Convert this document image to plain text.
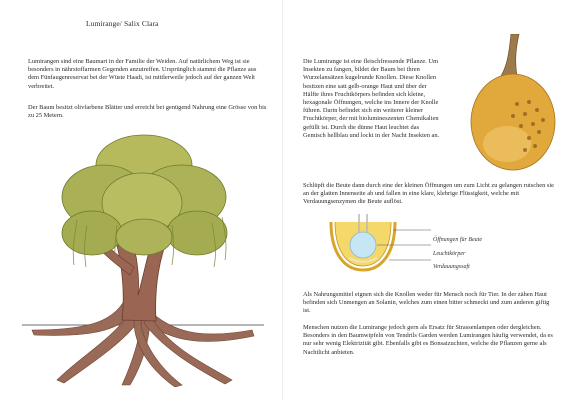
Lumirange/ Salix Clara

Lumirangen sind eine Baumart in der Familie der Weiden. Auf natürlichem Weg ist sie besonders in nährstoffarmen Gegenden anzutreffen. Ursprünglich stammt die Pflanze aus dem Fünfaugenreservat bei der Wüste Haadi, ist mittlerweile jedoch auf der ganzen Welt verbreitet.

Der Baum besitzt olivfarbene Blätter und erreicht bei genügend Nahrung eine Grösse von bis zu 25 Metern.

Die Lumirange ist eine fleischfressende Pflanze. Um Insekten zu fangen, bildet der Baum bei ihren Wurzelansätzen kugelrunde Knollen. Diese Knollen besitzen eine satt gelb-orange Haut und über der Hälfte ihres Fruchtkörpers befinden sich kleine, hexagonale Öffnungen, welche ins Innere der Knolle führen. Darin befindet sich ein weiterer kleiner Fruchtkörper, der mit biolumineszenten Chemikalien gefüllt ist. Durch die dünne Haut leuchtet das Gemisch hellblau und lockt in der Nacht Insekten an.

Schlüpft die Beute dann durch eine der kleinen Öffnungen um zum Licht zu gelangen rutschen sie an der glatten Innenseite ab und fallen in eine klare, klebrige Flüssigkeit, welche mit Verdauungsenzymen die Beute auflöst.

Öffnungen für Beute
Leuchtkörper
Verdauungssaft

Als Nahrungsmittel eignen sich die Knollen weder für Mensch noch für Tier. In der zähen Haut befinden sich Unmengen an Solanin, welches zum einen bitter schmeckt und zum anderen giftig ist.

Menschen nutzen die Lumirange jedoch gern als Ersatz für Strassenlampen oder dergleichen. Besonders in den Baumwipfeln von Tendrils Garden werden Lumirangen häufig verwendet, da es nur sehr wenig Elektrizität gibt. Ebenfalls gibt es Bonsaizuchten, welche die Pflanzen gerne als Nachtlicht anbieten.
